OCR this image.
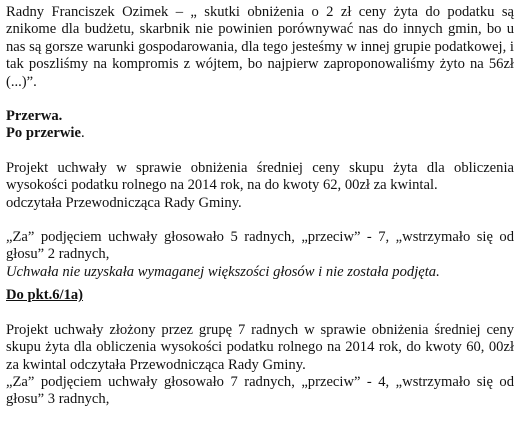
Radny Franciszek Ozimek – „ skutki obniżenia o 2 zł ceny żyta do podatku są znikome dla budżetu, skarbnik nie powinien porównywać nas do innych gmin, bo u nas są gorsze warunki gospodarowania, dla tego jesteśmy w innej grupie podatkowej, i tak poszliśmy na kompromis z wójtem, bo najpierw zaproponowaliśmy żyto na 56zł (...)”.

Przerwa.

Po przerwie.

Projekt uchwały w sprawie obniżenia średniej ceny skupu żyta dla obliczenia wysokości podatku rolnego na 2014 rok, na do kwoty 62, 00zł za kwintal.

odczytała Przewodnicząca Rady Gminy.

„Za” podjęciem uchwały głosowało 5 radnych, „przeciw” - 7, „wstrzymało się od głosu” 2 radnych,

Uchwała nie uzyskała wymaganej większości głosów i nie została podjęta.

Do pkt.6/1a)

Projekt uchwały złożony przez grupę 7 radnych w sprawie obniżenia średniej ceny skupu żyta dla obliczenia wysokości podatku rolnego na 2014 rok, do kwoty 60, 00zł za kwintal odczytała Przewodnicząca Rady Gminy.

„Za” podjęciem uchwały głosowało 7 radnych, „przeciw” - 4, „wstrzymało się od głosu” 3 radnych,
